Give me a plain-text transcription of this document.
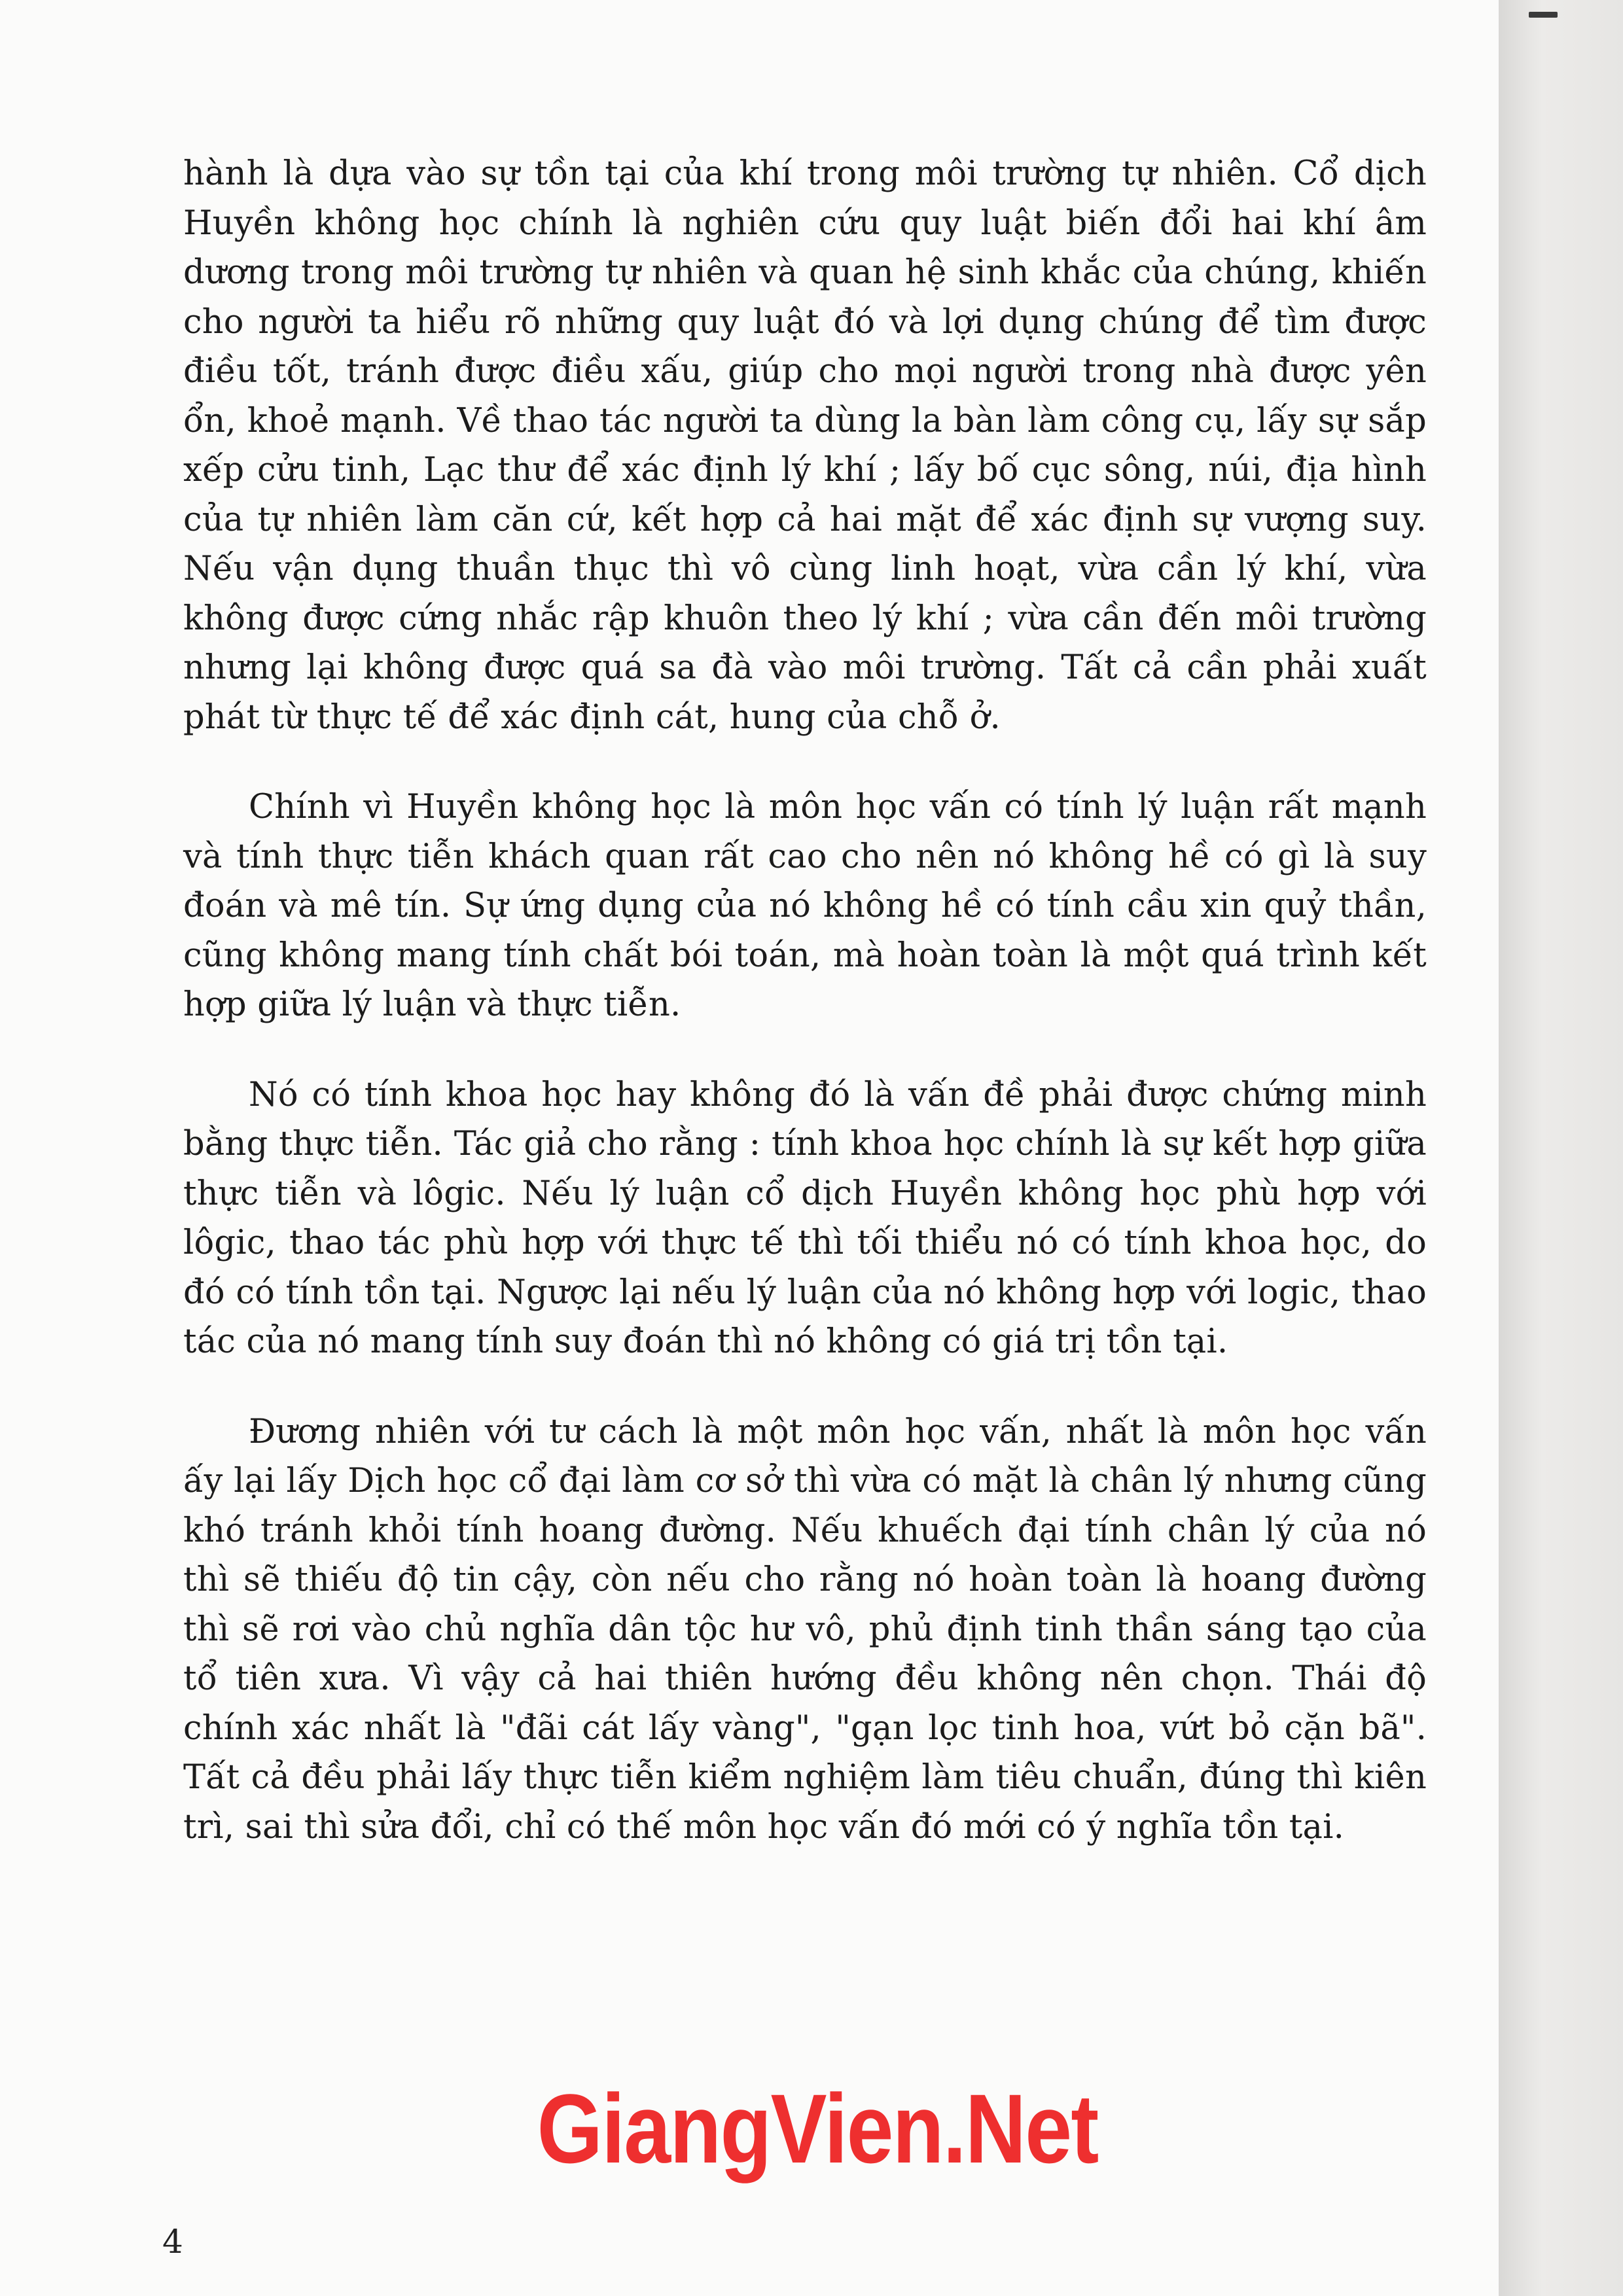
hành là dựa vào sự tồn tại của khí trong môi trường tự nhiên. Cổ dịch Huyền không học chính là nghiên cứu quy luật biến đổi hai khí âm dương trong môi trường tự nhiên và quan hệ sinh khắc của chúng, khiến cho người ta hiểu rõ những quy luật đó và lợi dụng chúng để tìm được điều tốt, tránh được điều xấu, giúp cho mọi người trong nhà được yên ổn, khoẻ mạnh. Về thao tác người ta dùng la bàn làm công cụ, lấy sự sắp xếp cửu tinh, Lạc thư để xác định lý khí ; lấy bố cục sông, núi, địa hình của tự nhiên làm căn cứ, kết hợp cả hai mặt để xác định sự vượng suy. Nếu vận dụng thuần thục thì vô cùng linh hoạt, vừa cần lý khí, vừa không được cứng nhắc rập khuôn theo lý khí ; vừa cần đến môi trường nhưng lại không được quá sa đà vào môi trường. Tất cả cần phải xuất phát từ thực tế để xác định cát, hung của chỗ ở.

Chính vì Huyền không học là môn học vấn có tính lý luận rất mạnh và tính thực tiễn khách quan rất cao cho nên nó không hề có gì là suy đoán và mê tín. Sự ứng dụng của nó không hề có tính cầu xin quỷ thần, cũng không mang tính chất bói toán, mà hoàn toàn là một quá trình kết hợp giữa lý luận và thực tiễn.

Nó có tính khoa học hay không đó là vấn đề phải được chứng minh bằng thực tiễn. Tác giả cho rằng : tính khoa học chính là sự kết hợp giữa thực tiễn và lôgic. Nếu lý luận cổ dịch Huyền không học phù hợp với lôgic, thao tác phù hợp với thực tế thì tối thiểu nó có tính khoa học, do đó có tính tồn tại. Ngược lại nếu lý luận của nó không hợp với logic, thao tác của nó mang tính suy đoán thì nó không có giá trị tồn tại.

Đương nhiên với tư cách là một môn học vấn, nhất là môn học vấn ấy lại lấy Dịch học cổ đại làm cơ sở thì vừa có mặt là chân lý nhưng cũng khó tránh khỏi tính hoang đường. Nếu khuếch đại tính chân lý của nó thì sẽ thiếu độ tin cậy, còn nếu cho rằng nó hoàn toàn là hoang đường thì sẽ rơi vào chủ nghĩa dân tộc hư vô, phủ định tinh thần sáng tạo của tổ tiên xưa. Vì vậy cả hai thiên hướng đều không nên chọn. Thái độ chính xác nhất là "đãi cát lấy vàng", "gạn lọc tinh hoa, vứt bỏ cặn bã". Tất cả đều phải lấy thực tiễn kiểm nghiệm làm tiêu chuẩn, đúng thì kiên trì, sai thì sửa đổi, chỉ có thế môn học vấn đó mới có ý nghĩa tồn tại.

GiangVien.Net
4
